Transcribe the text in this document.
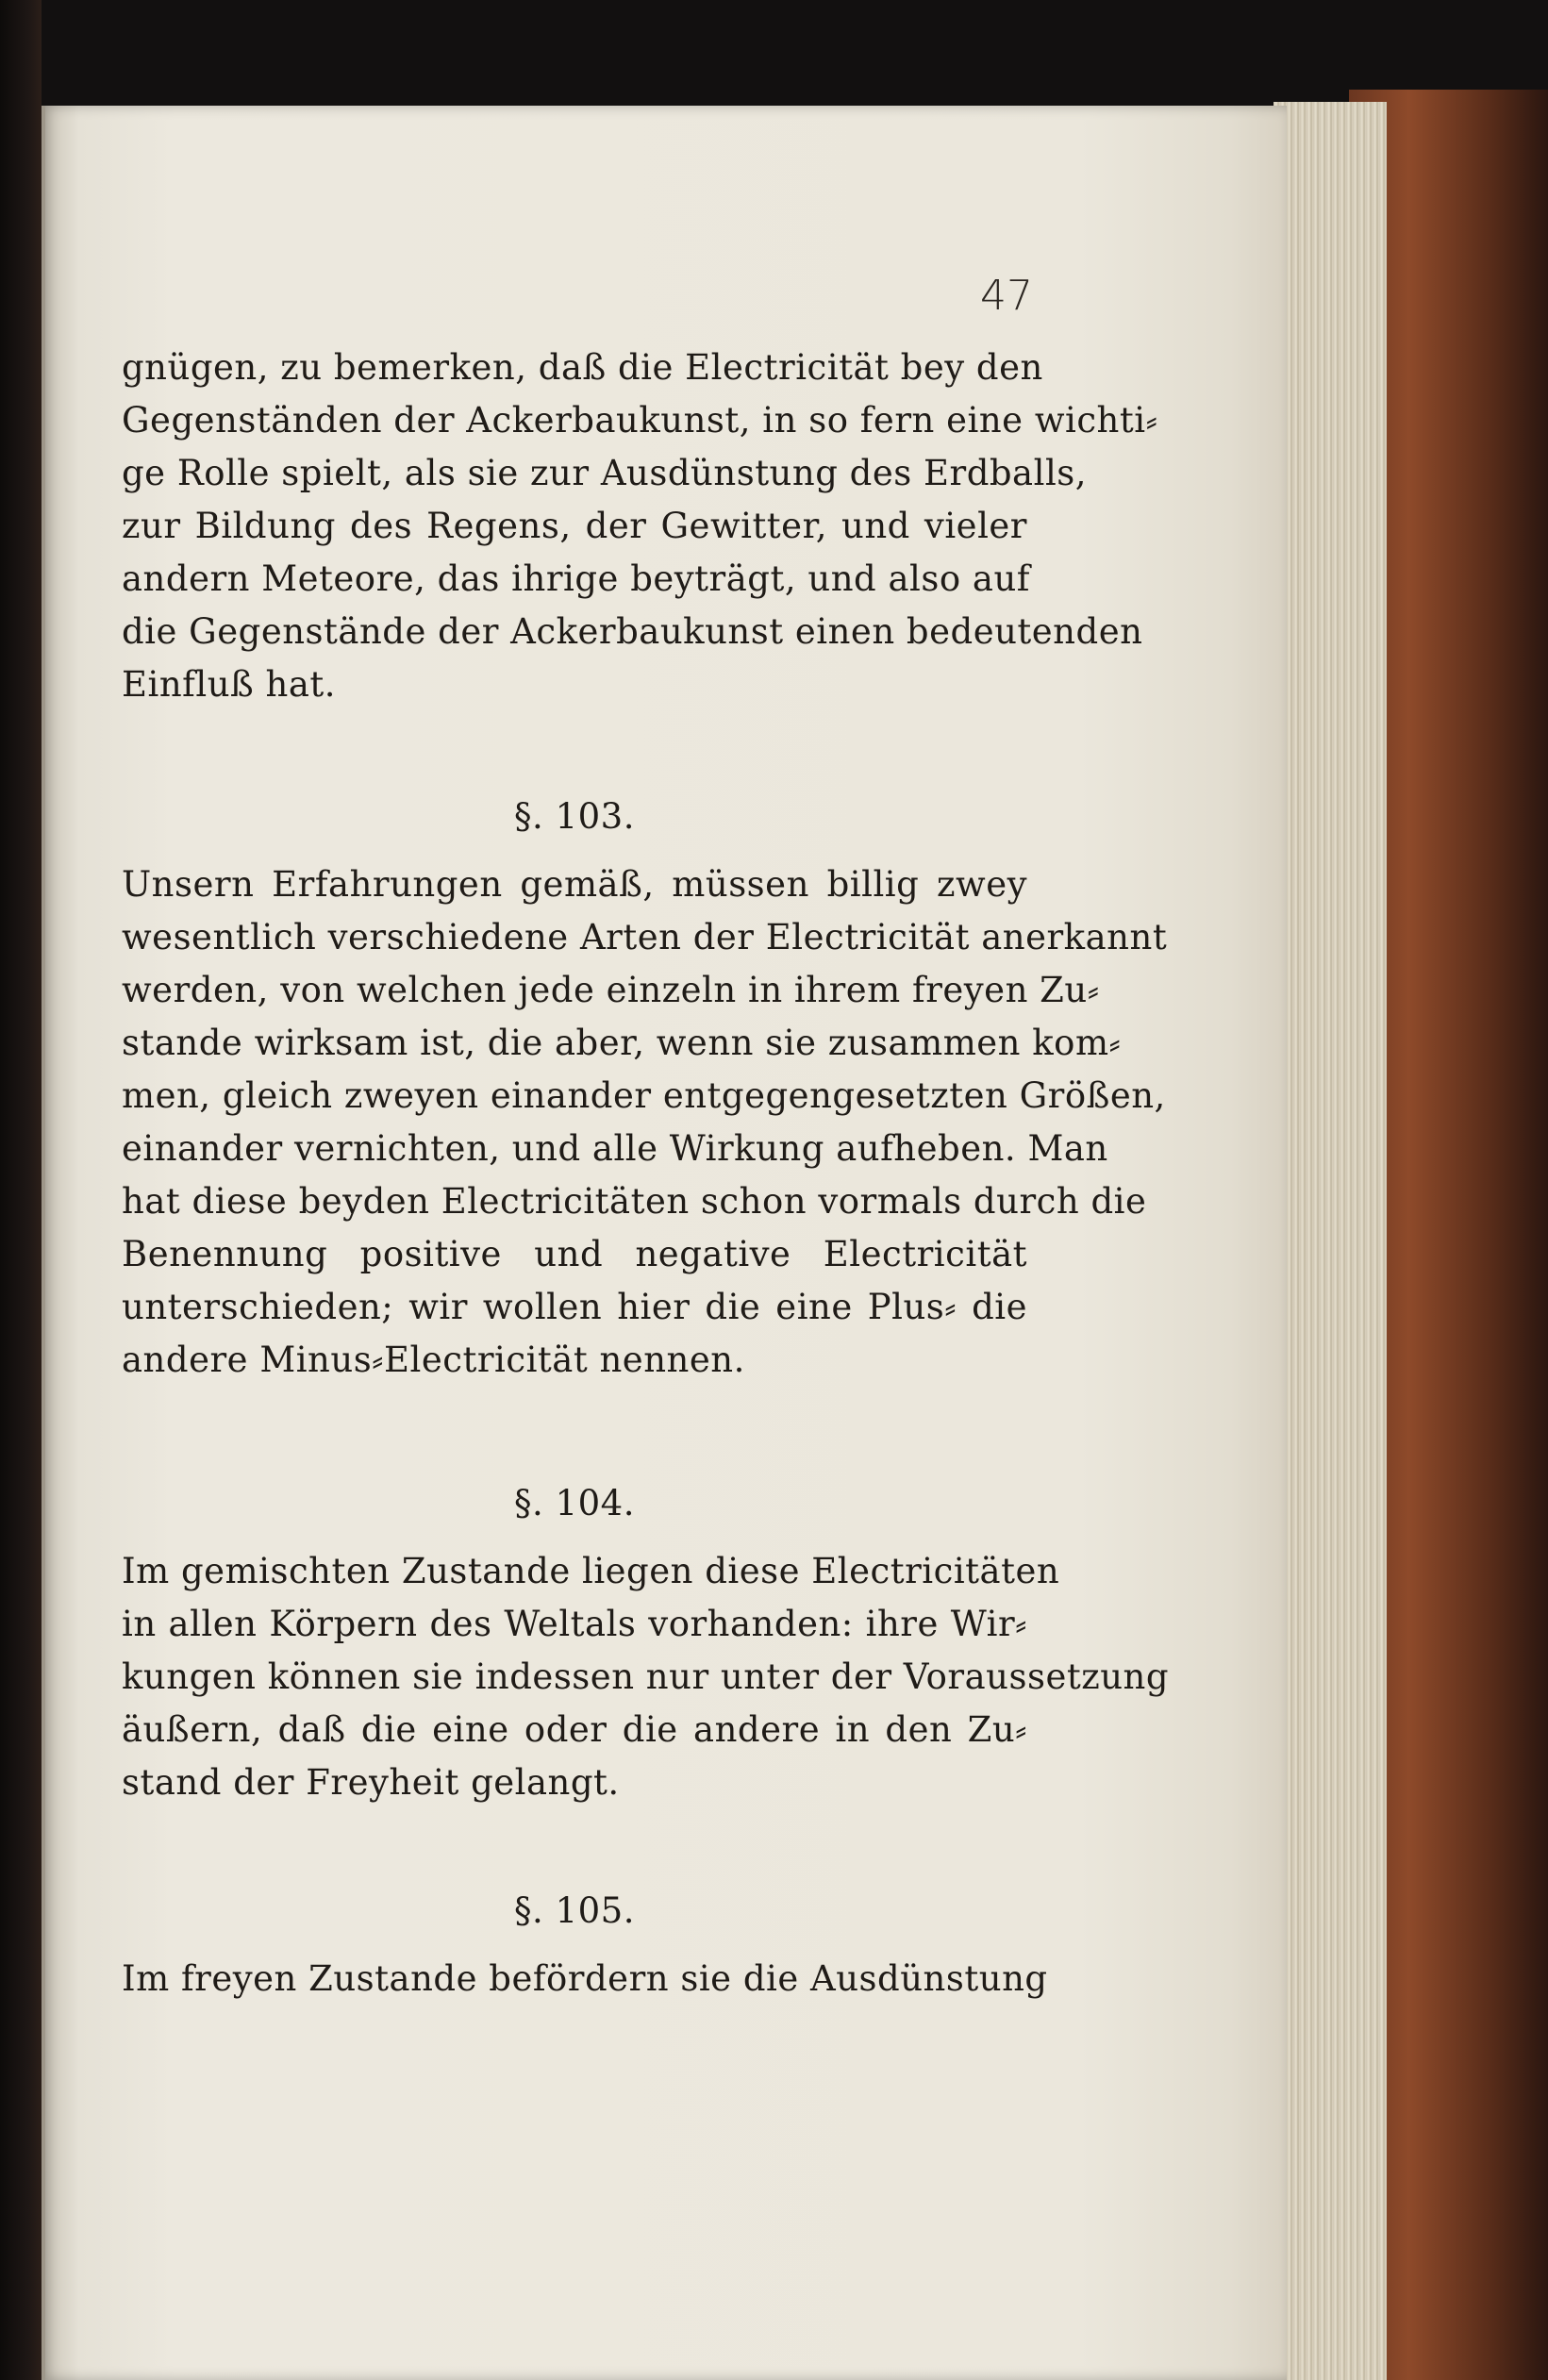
47
gnügen, zu bemerken, daß die Electricität bey den
Gegenständen der Ackerbaukunst, in so fern eine wichti⸗
ge Rolle spielt, als sie zur Ausdünstung des Erdballs,
zur Bildung des Regens, der Gewitter, und vieler
andern Meteore, das ihrige beyträgt, und also auf
die Gegenstände der Ackerbaukunst einen bedeutenden
Einfluß hat.
§. 103.
Unsern Erfahrungen gemäß, müssen billig zwey
wesentlich verschiedene Arten der Electricität anerkannt
werden, von welchen jede einzeln in ihrem freyen Zu⸗
stande wirksam ist, die aber, wenn sie zusammen kom⸗
men, gleich zweyen einander entgegengesetzten Größen,
einander vernichten, und alle Wirkung aufheben. Man
hat diese beyden Electricitäten schon vormals durch die
Benennung positive und negative Electricität
unterschieden; wir wollen hier die eine Plus⸗ die
andere Minus⸗Electricität nennen.
§. 104.
Im gemischten Zustande liegen diese Electricitäten
in allen Körpern des Weltals vorhanden: ihre Wir⸗
kungen können sie indessen nur unter der Voraussetzung
äußern, daß die eine oder die andere in den Zu⸗
stand der Freyheit gelangt.
§. 105.
Im freyen Zustande befördern sie die Ausdünstung
